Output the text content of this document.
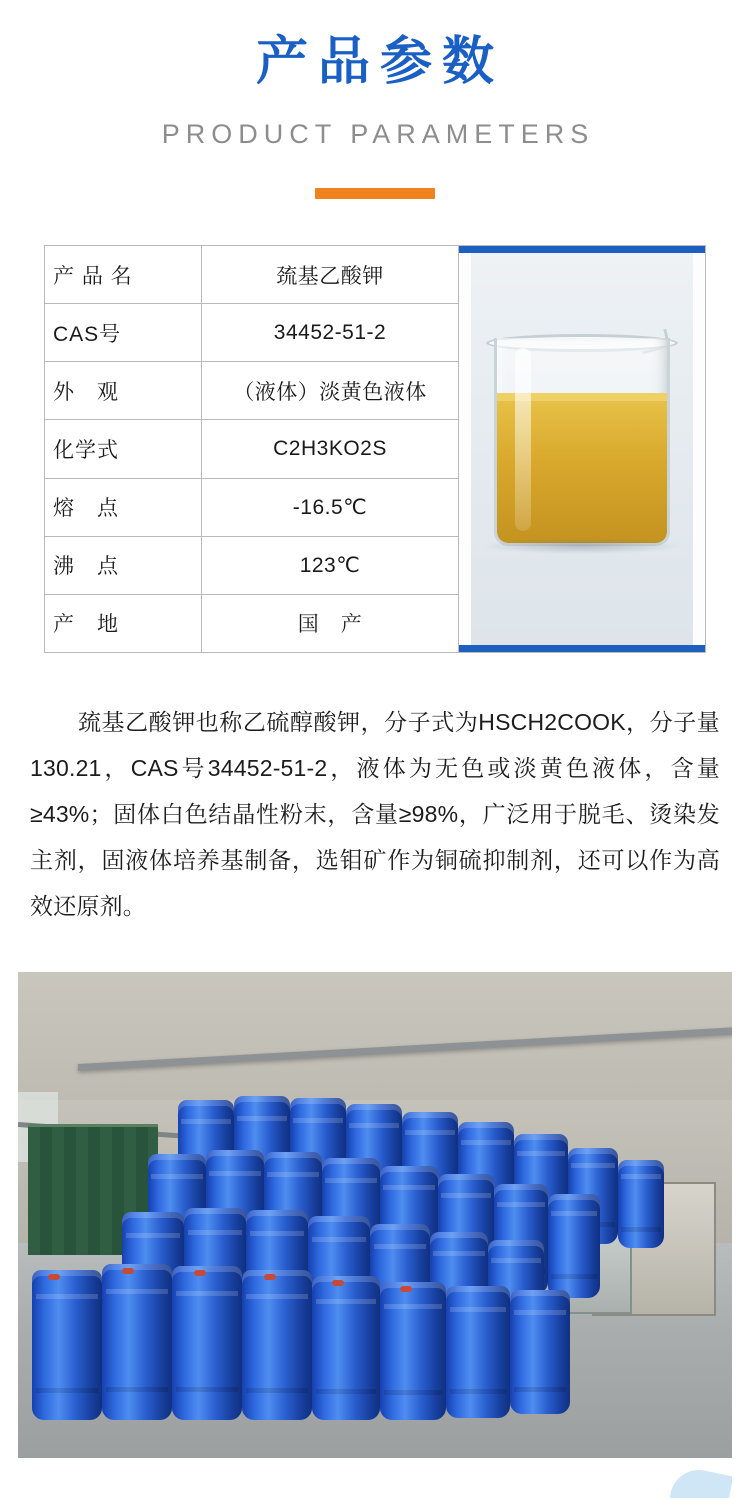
产品参数
PRODUCT PARAMETERS
产 品 名	巯基乙酸钾
CAS号	34452-51-2
外　观	（液体）淡黄色液体
化学式	C2H3KO2S
熔　点	-16.5℃
沸　点	123℃
产　地	国　产

巯基乙酸钾也称乙硫醇酸钾，分子式为HSCH2COOK，分子量130.21，CAS号34452-51-2，液体为无色或淡黄色液体，含量≥43%；固体白色结晶性粉末，含量≥98%，广泛用于脱毛、烫染发主剂，固液体培养基制备，选钼矿作为铜硫抑制剂，还可以作为高效还原剂。
